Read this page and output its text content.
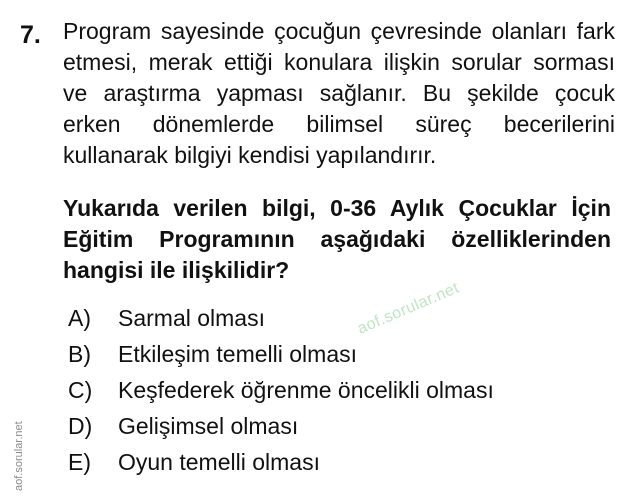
7. Program sayesinde çocuğun çevresinde olanları fark etmesi, merak ettiği konulara ilişkin sorular sorması ve araştırma yapması sağlanır. Bu şekilde çocuk erken dönemlerde bilimsel süreç becerilerini kullanarak bilgiyi kendisi yapılandırır.

Yukarıda verilen bilgi, 0-36 Aylık Çocuklar İçin Eğitim Programının aşağıdaki özelliklerinden hangisi ile ilişkilidir?

A)	Sarmal olması
B)	Etkileşim temelli olması
C)	Keşfederek öğrenme öncelikli olması
D)	Gelişimsel olması
E)	Oyun temelli olması
aof.sorular.net
aof.sorular.net
